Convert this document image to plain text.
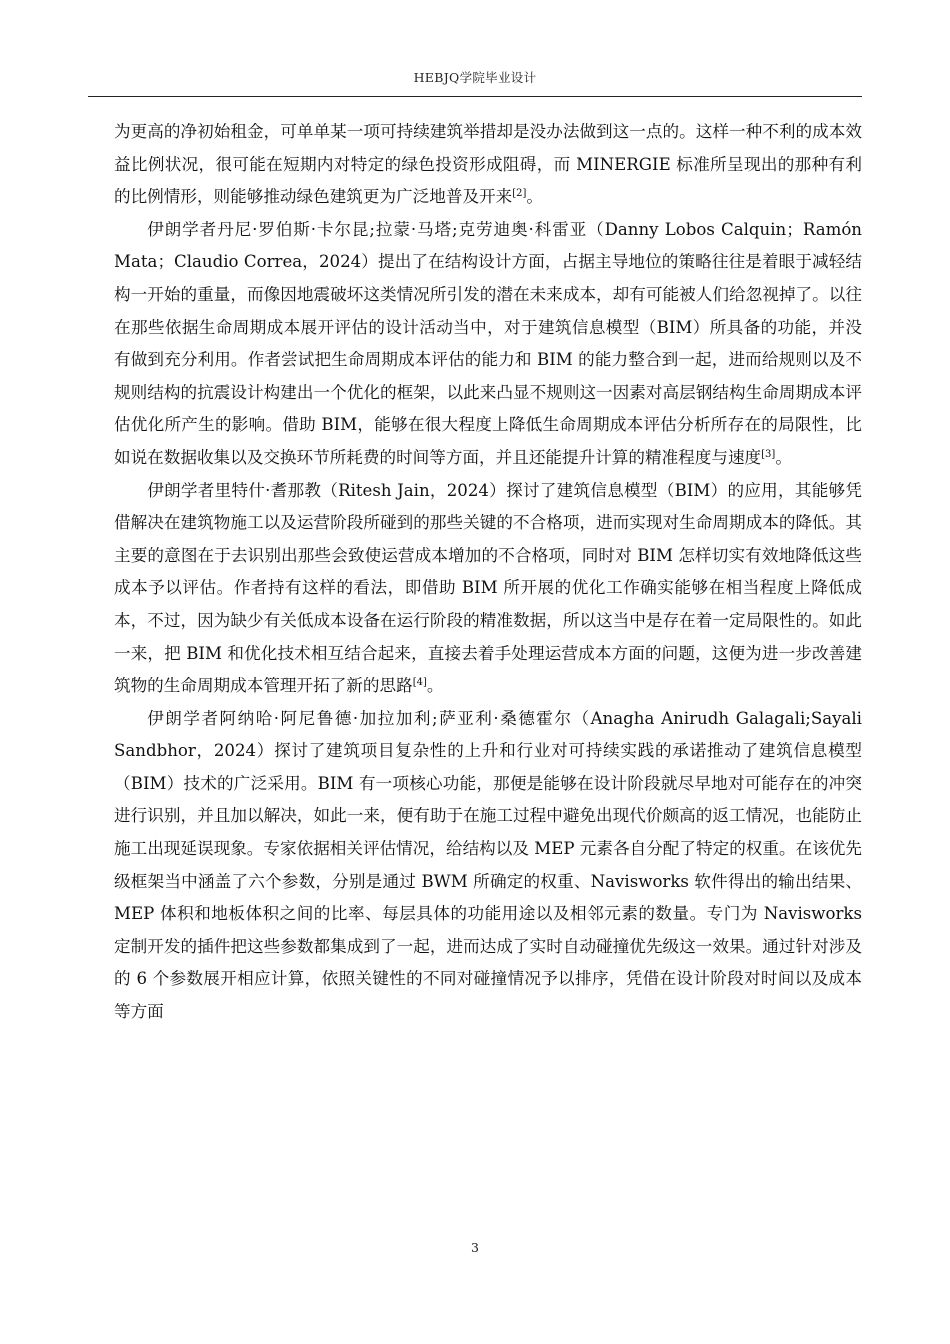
HEBJQ学院毕业设计

为更高的净初始租金，可单单某一项可持续建筑举措却是没办法做到这一点的。这样一种不利的成本效益比例状况，很可能在短期内对特定的绿色投资形成阻碍，而 MINERGIE 标准所呈现出的那种有利的比例情形，则能够推动绿色建筑更为广泛地普及开来[2]。

伊朗学者丹尼·罗伯斯·卡尔昆;拉蒙·马塔;克劳迪奥·科雷亚（Danny Lobos Calquin；Ramón Mata；Claudio Correa，2024）提出了在结构设计方面，占据主导地位的策略往往是着眼于减轻结构一开始的重量，而像因地震破坏这类情况所引发的潜在未来成本，却有可能被人们给忽视掉了。以往在那些依据生命周期成本展开评估的设计活动当中，对于建筑信息模型（BIM）所具备的功能，并没有做到充分利用。作者尝试把生命周期成本评估的能力和 BIM 的能力整合到一起，进而给规则以及不规则结构的抗震设计构建出一个优化的框架，以此来凸显不规则这一因素对高层钢结构生命周期成本评估优化所产生的影响。借助 BIM，能够在很大程度上降低生命周期成本评估分析所存在的局限性，比如说在数据收集以及交换环节所耗费的时间等方面，并且还能提升计算的精准程度与速度[3]。

伊朗学者里特什·耆那教（Ritesh Jain，2024）探讨了建筑信息模型（BIM）的应用，其能够凭借解决在建筑物施工以及运营阶段所碰到的那些关键的不合格项，进而实现对生命周期成本的降低。其主要的意图在于去识别出那些会致使运营成本增加的不合格项，同时对 BIM 怎样切实有效地降低这些成本予以评估。作者持有这样的看法，即借助 BIM 所开展的优化工作确实能够在相当程度上降低成本，不过，因为缺少有关低成本设备在运行阶段的精准数据，所以这当中是存在着一定局限性的。如此一来，把 BIM 和优化技术相互结合起来，直接去着手处理运营成本方面的问题，这便为进一步改善建筑物的生命周期成本管理开拓了新的思路[4]。

伊朗学者阿纳哈·阿尼鲁德·加拉加利;萨亚利·桑德霍尔（Anagha Anirudh Galagali;Sayali Sandbhor，2024）探讨了建筑项目复杂性的上升和行业对可持续实践的承诺推动了建筑信息模型（BIM）技术的广泛采用。BIM 有一项核心功能，那便是能够在设计阶段就尽早地对可能存在的冲突进行识别，并且加以解决，如此一来，便有助于在施工过程中避免出现代价颇高的返工情况，也能防止施工出现延误现象。专家依据相关评估情况，给结构以及 MEP 元素各自分配了特定的权重。在该优先级框架当中涵盖了六个参数，分别是通过 BWM 所确定的权重、Navisworks 软件得出的输出结果、MEP 体积和地板体积之间的比率、每层具体的功能用途以及相邻元素的数量。专门为 Navisworks 定制开发的插件把这些参数都集成到了一起，进而达成了实时自动碰撞优先级这一效果。通过针对涉及的 6 个参数展开相应计算，依照关键性的不同对碰撞情况予以排序，凭借在设计阶段对时间以及成本等方面

3
